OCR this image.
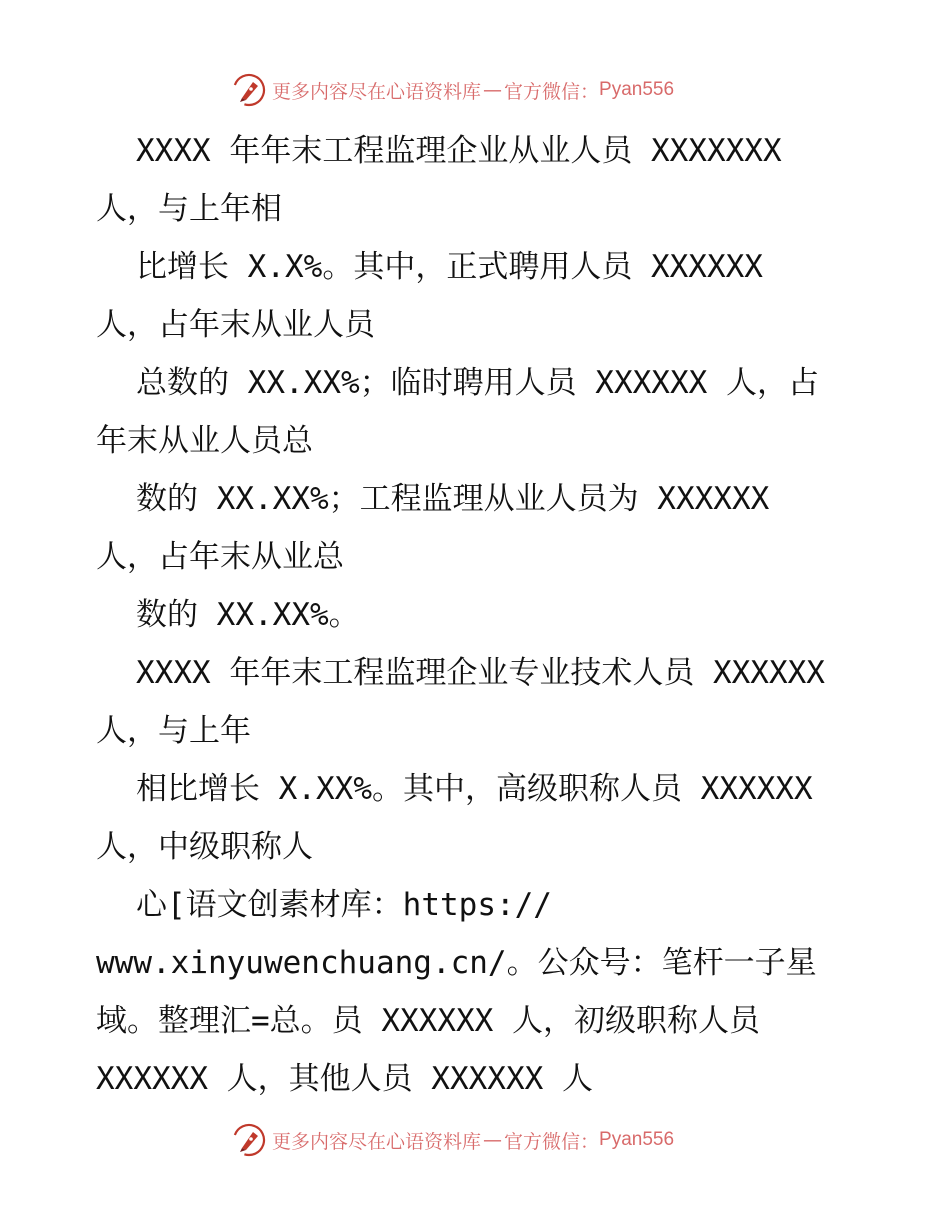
更多内容尽在心语资料库 — 官方微信： Pyan556
XXXX 年年末工程监理企业从业人员 XXXXXXX
人，与上年相
比增长 X.X%。其中，正式聘用人员 XXXXXX
人，占年末从业人员
总数的 XX.XX%；临时聘用人员 XXXXXX 人，占
年末从业人员总
数的 XX.XX%；工程监理从业人员为 XXXXXX
人，占年末从业总
数的 XX.XX%。
XXXX 年年末工程监理企业专业技术人员 XXXXXX
人，与上年
相比增长 X.XX%。其中，高级职称人员 XXXXXX
人，中级职称人
心[语文创素材库：https://
www.xinyuwenchuang.cn/。公众号：笔杆一子星
域。整理汇=总。员 XXXXXX 人，初级职称人员
XXXXXX 人，其他人员 XXXXXX 人
更多内容尽在心语资料库 — 官方微信： Pyan556
